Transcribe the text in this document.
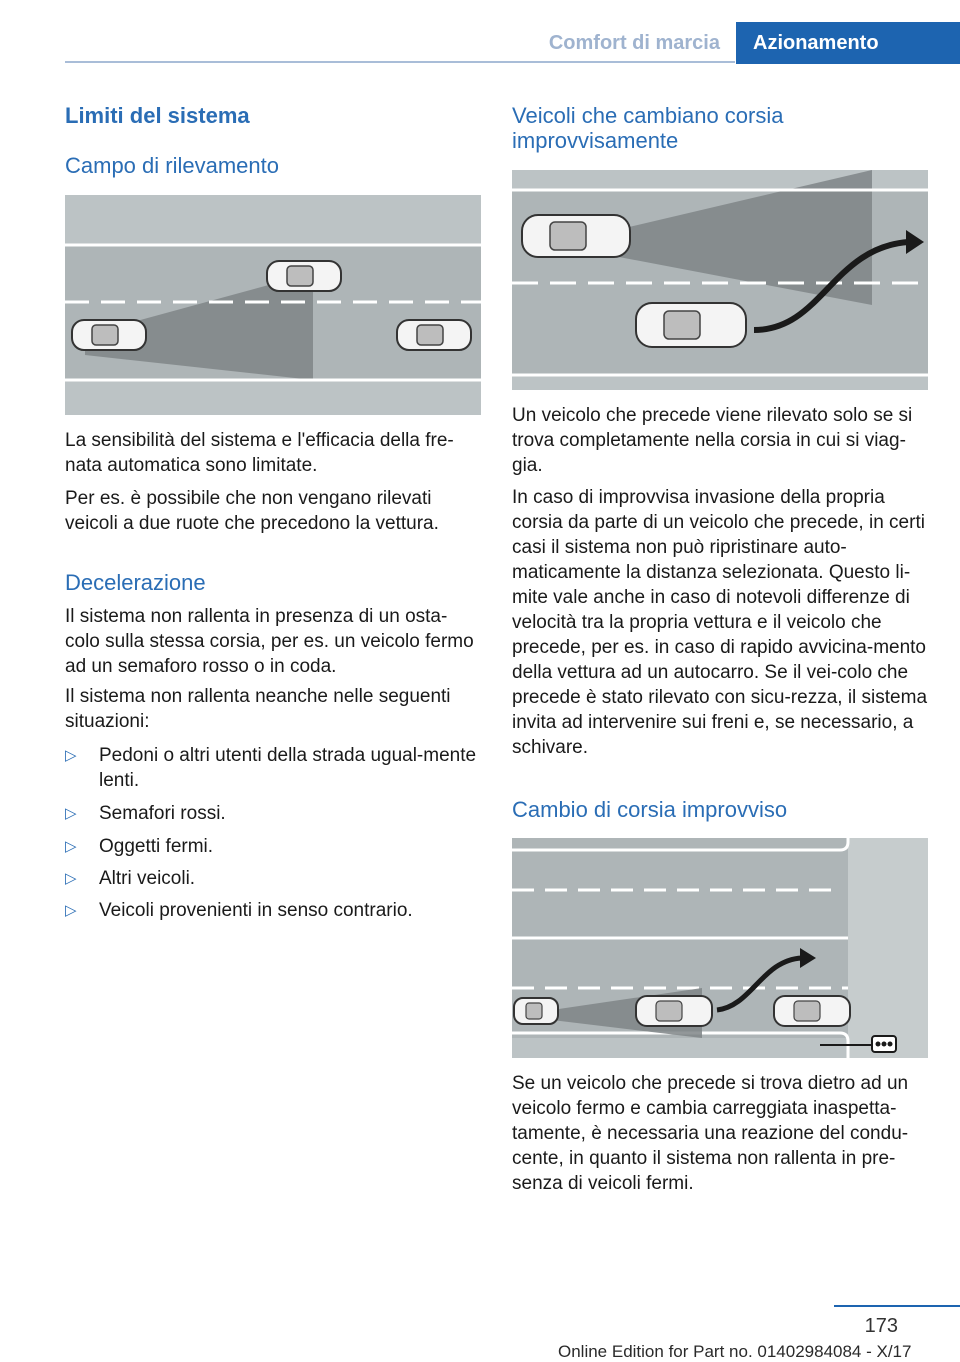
Comfort di marcia	Azionamento
Limiti del sistema
Campo di rilevamento

La sensibilità del sistema e l'efficacia della fre-nata automatica sono limitate.

Per es. è possibile che non vengano rilevati veicoli a due ruote che precedono la vettura.

Decelerazione

Il sistema non rallenta in presenza di un osta-colo sulla stessa corsia, per es. un veicolo fermo ad un semaforo rosso o in coda.

Il sistema non rallenta neanche nelle seguenti situazioni:

▷ Pedoni o altri utenti della strada ugual-mente lenti.
▷ Semafori rossi.
▷ Oggetti fermi.
▷ Altri veicoli.
▷ Veicoli provenienti in senso contrario.
Veicoli che cambiano corsia improvvisamente

Un veicolo che precede viene rilevato solo se si trova completamente nella corsia in cui si viag-gia.

In caso di improvvisa invasione della propria corsia da parte di un veicolo che precede, in certi casi il sistema non può ripristinare auto-maticamente la distanza selezionata. Questo li-mite vale anche in caso di notevoli differenze di velocità tra la propria vettura e il veicolo che precede, per es. in caso di rapido avvicina-mento della vettura ad un autocarro. Se il vei-colo che precede è stato rilevato con sicu-rezza, il sistema invita ad intervenire sui freni e, se necessario, a schivare.

Cambio di corsia improvviso

Se un veicolo che precede si trova dietro ad un veicolo fermo e cambia carreggiata inaspetta-tamente, è necessaria una reazione del condu-cente, in quanto il sistema non rallenta in pre-senza di veicoli fermi.

173
Online Edition for Part no. 01402984084 - X/17
